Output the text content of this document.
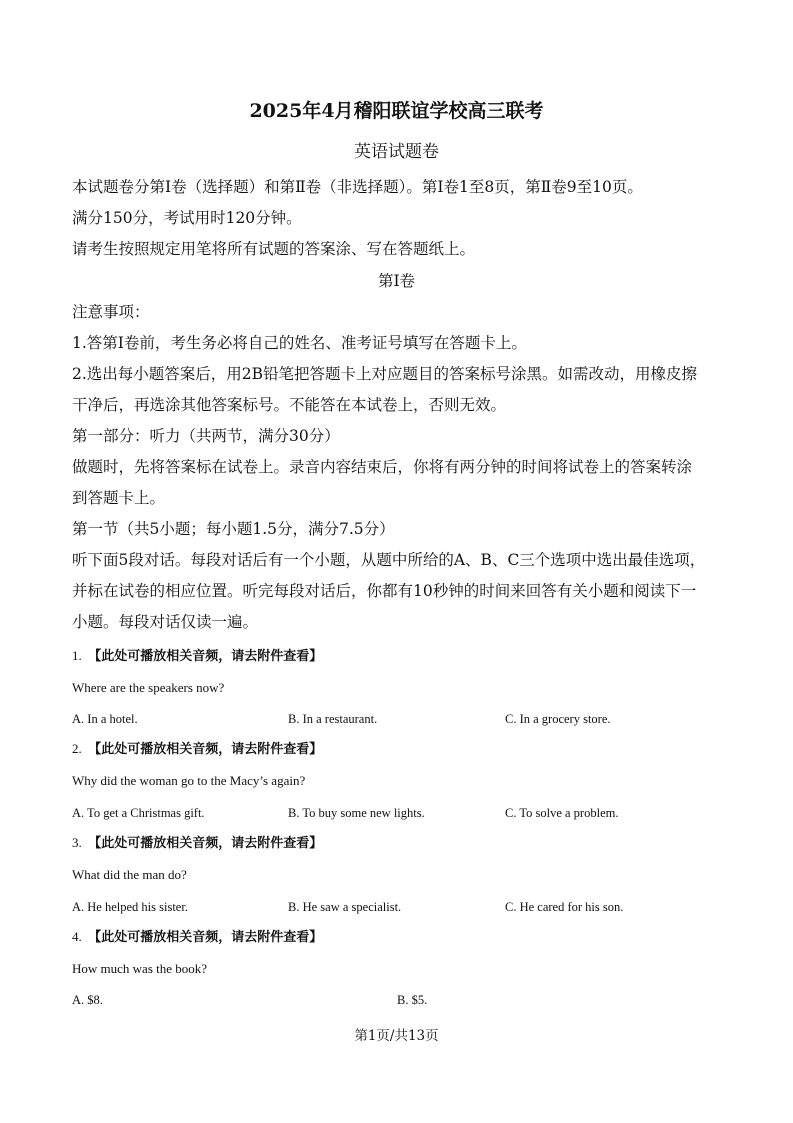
2025年4月稽阳联谊学校高三联考
英语试题卷

本试题卷分第Ⅰ卷（选择题）和第Ⅱ卷（非选择题）。第Ⅰ卷1至8页，第Ⅱ卷9至10页。

满分150分，考试用时120分钟。

请考生按照规定用笔将所有试题的答案涂、写在答题纸上。

第Ⅰ卷

注意事项：

1.答第Ⅰ卷前，考生务必将自己的姓名、准考证号填写在答题卡上。

2.选出每小题答案后，用2B铅笔把答题卡上对应题目的答案标号涂黑。如需改动，用橡皮擦

干净后，再选涂其他答案标号。不能答在本试卷上，否则无效。

第一部分：听力（共两节，满分30分）

做题时，先将答案标在试卷上。录音内容结束后，你将有两分钟的时间将试卷上的答案转涂

到答题卡上。

第一节（共5小题；每小题1.5分，满分7.5分）

听下面5段对话。每段对话后有一个小题，从题中所给的A、B、C三个选项中选出最佳选项，

并标在试卷的相应位置。听完每段对话后，你都有10秒钟的时间来回答有关小题和阅读下一

小题。每段对话仅读一遍。

1. 【此处可播放相关音频，请去附件查看】
Where are the speakers now?
A. In a hotel.	B. In a restaurant.	C. In a grocery store.
2. 【此处可播放相关音频，请去附件查看】
Why did the woman go to the Macy’s again?
A. To get a Christmas gift.	B. To buy some new lights.	C. To solve a problem.
3. 【此处可播放相关音频，请去附件查看】
What did the man do?
A. He helped his sister.	B. He saw a specialist.	C. He cared for his son.
4. 【此处可播放相关音频，请去附件查看】
How much was the book?
A. $8.	B. $5.
第1页/共13页
